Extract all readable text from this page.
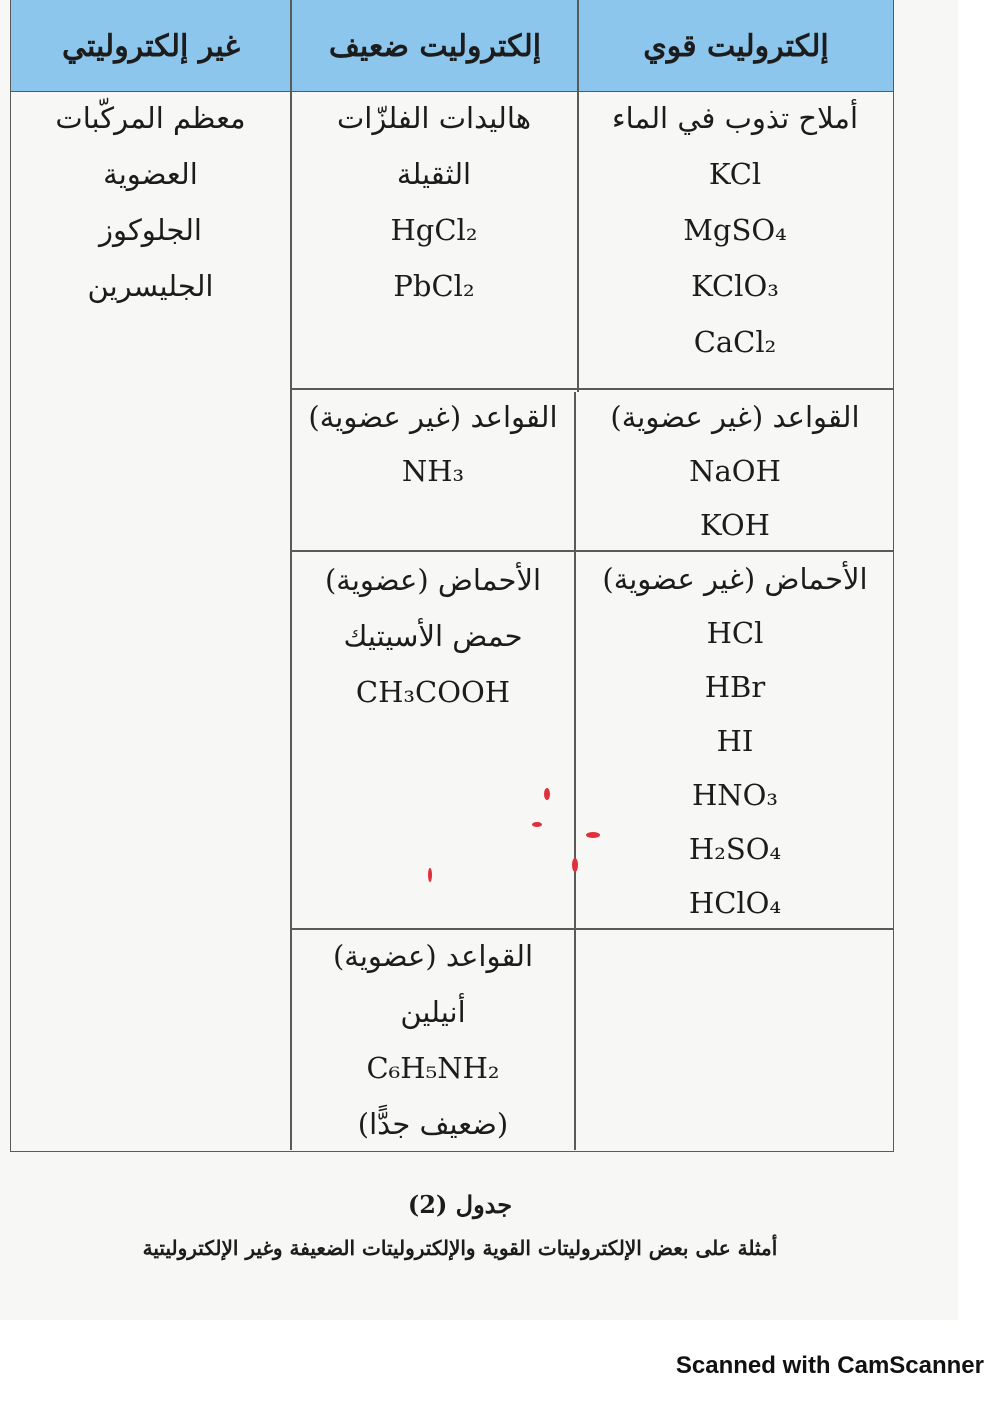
إلكتروليت قوي
إلكتروليت ضعيف
غير إلكتروليتي
معظم المركّبات
العضوية
الجلوكوز
الجليسرين
أملاح تذوب في الماء
KCl
MgSO₄
KClO₃
CaCl₂
هاليدات الفلزّات
الثقيلة
HgCl₂
PbCl₂
القواعد (غير عضوية)
NaOH
KOH
القواعد (غير عضوية)
NH₃
الأحماض (غير عضوية)
HCl
HBr
HI
HNO₃
H₂SO₄
HClO₄
الأحماض (عضوية)
حمض الأسيتيك
CH₃COOH
القواعد (عضوية)
أنيلين
C₆H₅NH₂
(ضعيف جدًّا)
جدول (2)
أمثلة على بعض الإلكتروليتات القوية والإلكتروليتات الضعيفة وغير الإلكتروليتية
Scanned with CamScanner
